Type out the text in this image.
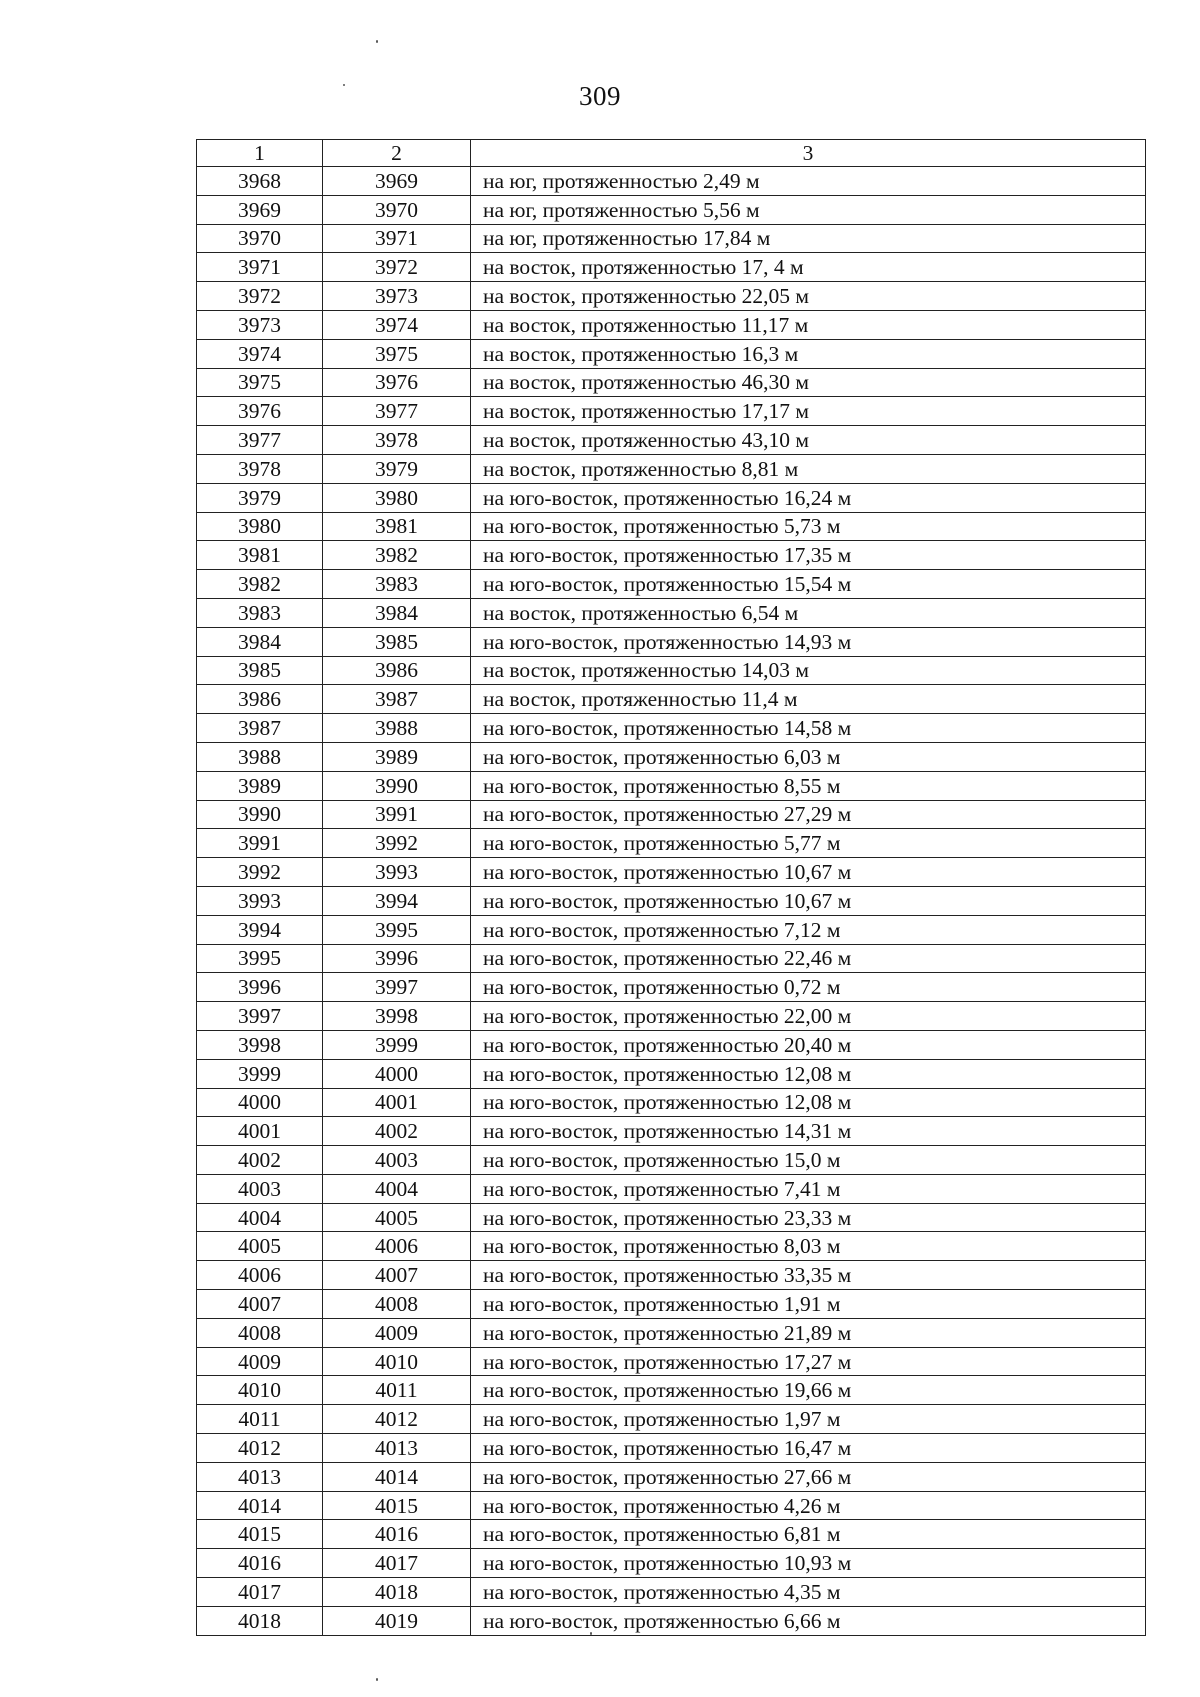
309
1	2	3
3968	3969	на юг, протяженностью 2,49 м
3969	3970	на юг, протяженностью 5,56 м
3970	3971	на юг, протяженностью 17,84 м
3971	3972	на восток, протяженностью 17, 4 м
3972	3973	на восток, протяженностью 22,05 м
3973	3974	на восток, протяженностью 11,17 м
3974	3975	на восток, протяженностью 16,3 м
3975	3976	на восток, протяженностью 46,30 м
3976	3977	на восток, протяженностью 17,17 м
3977	3978	на восток, протяженностью 43,10 м
3978	3979	на восток, протяженностью 8,81 м
3979	3980	на юго-восток, протяженностью 16,24 м
3980	3981	на юго-восток, протяженностью 5,73 м
3981	3982	на юго-восток, протяженностью 17,35 м
3982	3983	на юго-восток, протяженностью 15,54 м
3983	3984	на восток, протяженностью 6,54 м
3984	3985	на юго-восток, протяженностью 14,93 м
3985	3986	на восток, протяженностью 14,03 м
3986	3987	на восток, протяженностью 11,4 м
3987	3988	на юго-восток, протяженностью 14,58 м
3988	3989	на юго-восток, протяженностью 6,03 м
3989	3990	на юго-восток, протяженностью 8,55 м
3990	3991	на юго-восток, протяженностью 27,29 м
3991	3992	на юго-восток, протяженностью 5,77 м
3992	3993	на юго-восток, протяженностью 10,67 м
3993	3994	на юго-восток, протяженностью 10,67 м
3994	3995	на юго-восток, протяженностью 7,12 м
3995	3996	на юго-восток, протяженностью 22,46 м
3996	3997	на юго-восток, протяженностью 0,72 м
3997	3998	на юго-восток, протяженностью 22,00 м
3998	3999	на юго-восток, протяженностью 20,40 м
3999	4000	на юго-восток, протяженностью 12,08 м
4000	4001	на юго-восток, протяженностью 12,08 м
4001	4002	на юго-восток, протяженностью 14,31 м
4002	4003	на юго-восток, протяженностью 15,0 м
4003	4004	на юго-восток, протяженностью 7,41 м
4004	4005	на юго-восток, протяженностью 23,33 м
4005	4006	на юго-восток, протяженностью 8,03 м
4006	4007	на юго-восток, протяженностью 33,35 м
4007	4008	на юго-восток, протяженностью 1,91 м
4008	4009	на юго-восток, протяженностью 21,89 м
4009	4010	на юго-восток, протяженностью 17,27 м
4010	4011	на юго-восток, протяженностью 19,66 м
4011	4012	на юго-восток, протяженностью 1,97 м
4012	4013	на юго-восток, протяженностью 16,47 м
4013	4014	на юго-восток, протяженностью 27,66 м
4014	4015	на юго-восток, протяженностью 4,26 м
4015	4016	на юго-восток, протяженностью 6,81 м
4016	4017	на юго-восток, протяженностью 10,93 м
4017	4018	на юго-восток, протяженностью 4,35 м
4018	4019	на юго-восток, протяженностью 6,66 м
